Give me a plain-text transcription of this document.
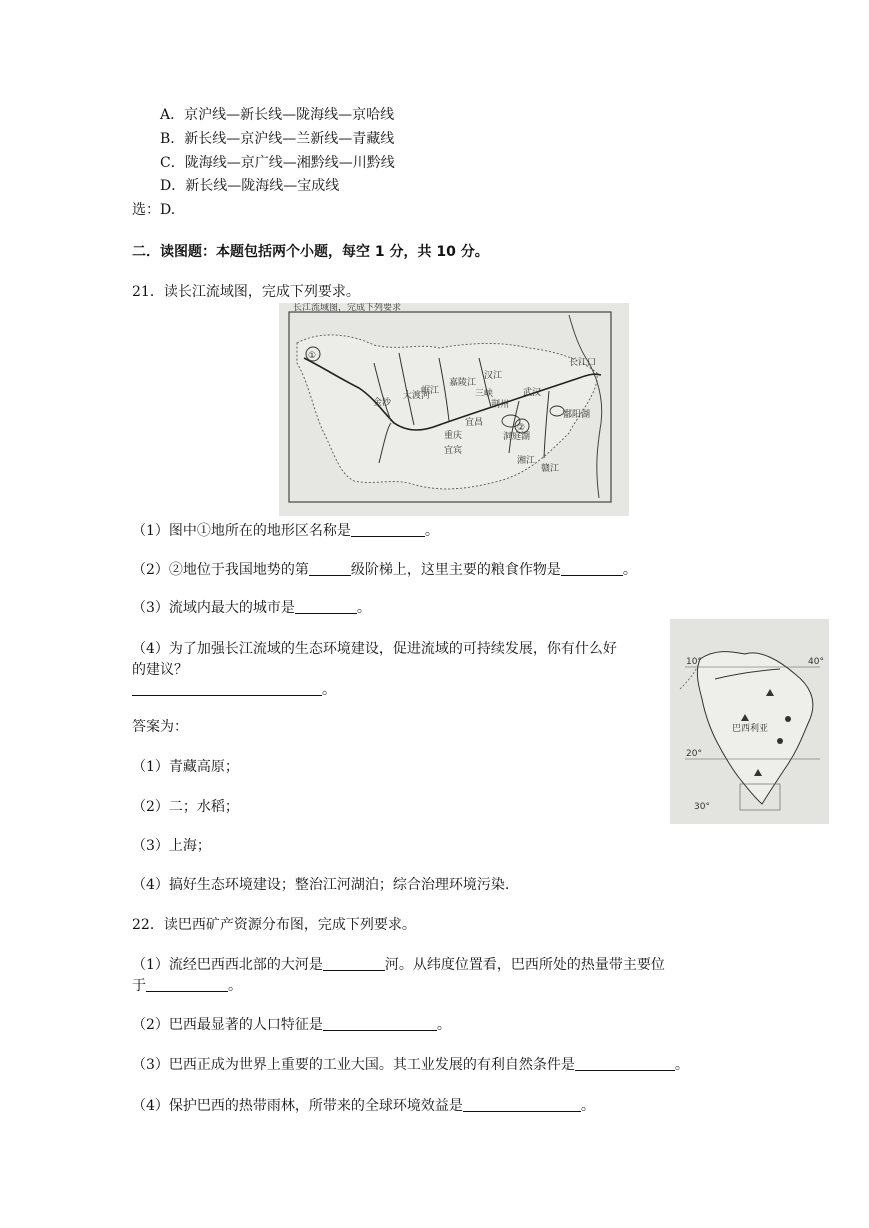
A．京沪线—新长线—陇海线—京哈线
B．新长线—京沪线—兰新线—青藏线
C．陇海线—京广线—湘黔线—川黔线
D．新长线—陇海线—宝成线
选：D.
二．读图题：本题包括两个小题，每空 1 分，共 10 分。
21．读长江流域图，完成下列要求。
长江流域图，完成下列要求
①
②
金沙
大渡河
岷江
嘉陵江
汉江
三峡
宜昌
武汉
荆州
洞庭湖
鄱阳湖
湘江
赣江
重庆
宜宾
长江口
（1）图中①地所在的地形区名称是	。
（2）②地位于我国地势的第	级阶梯上，这里主要的粮食作物是	。
（3）流域内最大的城市是	。
（4）为了加强长江流域的生态环境建设，促进流域的可持续发展，你有什么好
的建议？
。
答案为：
（1）青藏高原；
（2）二；水稻；
（3）上海；
（4）搞好生态环境建设；整治江河湖泊；综合治理环境污染.
巴西利亚
40°
20°
30°
10°
22．读巴西矿产资源分布图，完成下列要求。
（1）流经巴西西北部的大河是	河。从纬度位置看，巴西所处的热量带主要位
于	。
（2）巴西最显著的人口特征是	。
（3）巴西正成为世界上重要的工业大国。其工业发展的有利自然条件是	。
（4）保护巴西的热带雨林，所带来的全球环境效益是	。
